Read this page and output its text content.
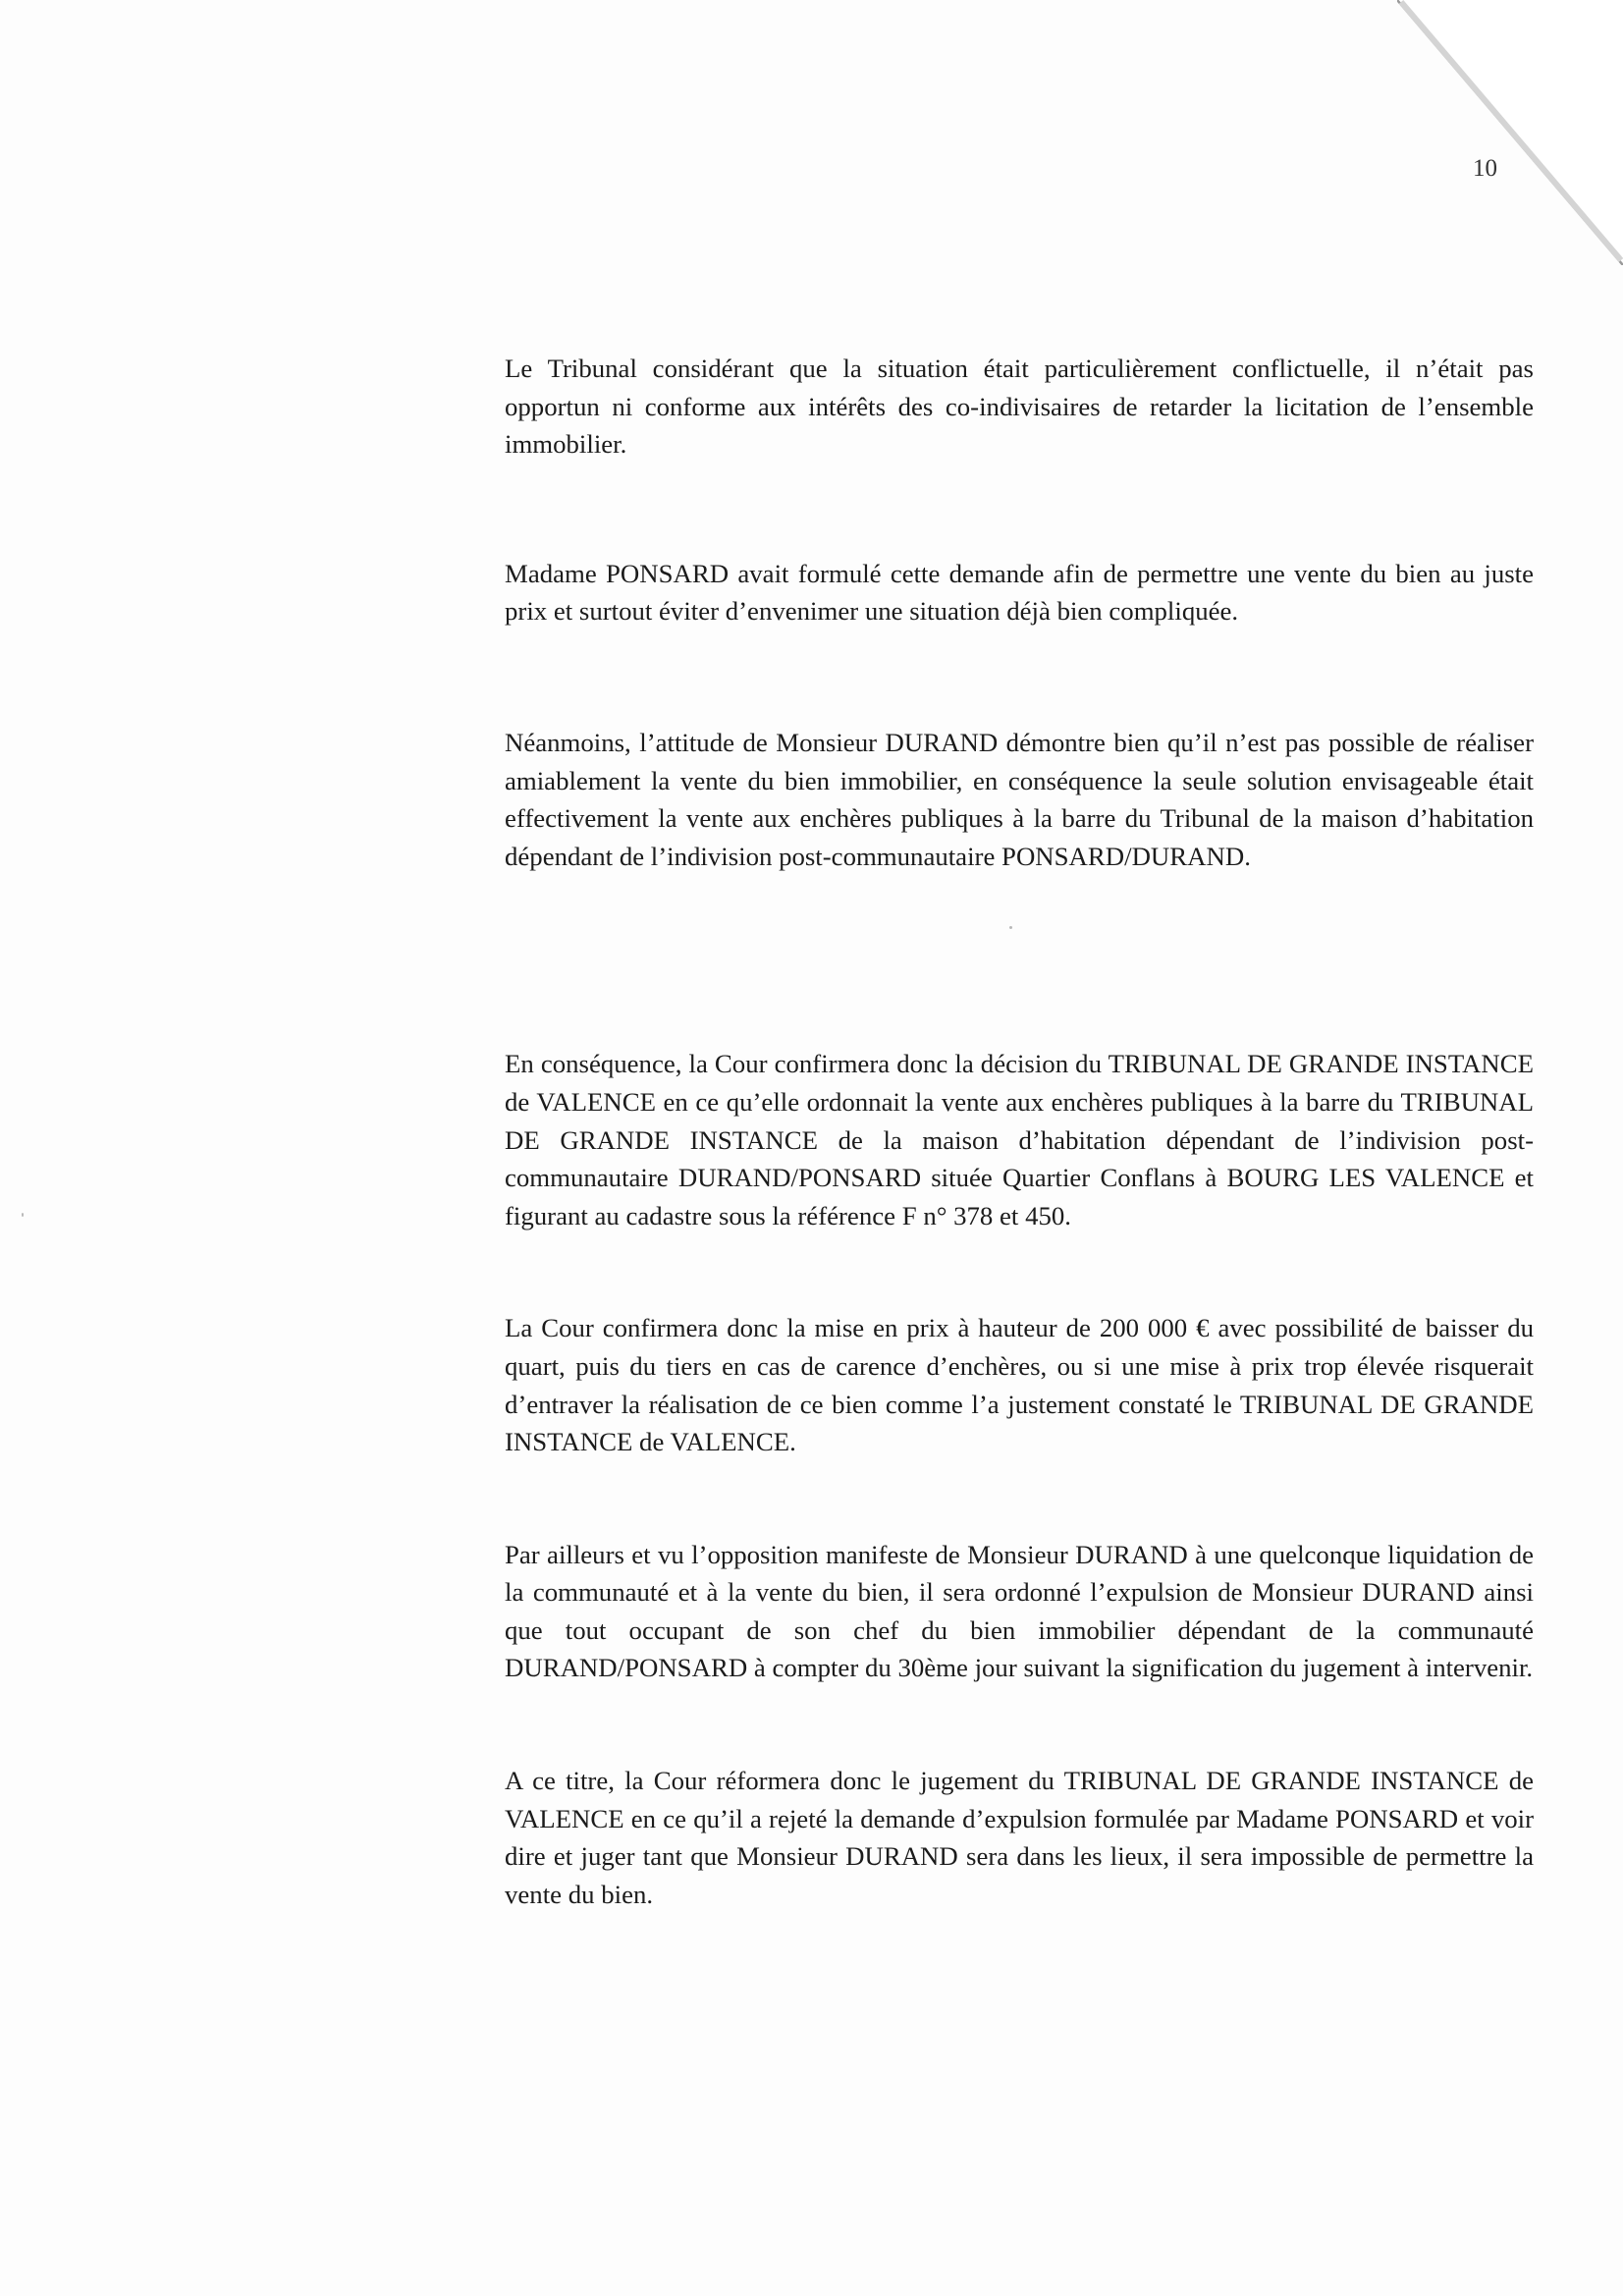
10

Le Tribunal considérant que la situation était particulièrement conflictuelle, il n’était pas opportun ni conforme aux intérêts des co-indivisaires de retarder la licitation de l’ensemble immobilier.

Madame PONSARD avait formulé cette demande afin de permettre une vente du bien au juste prix et surtout éviter d’envenimer une situation déjà bien compliquée.

Néanmoins, l’attitude de Monsieur DURAND démontre bien qu’il n’est pas possible de réaliser amiablement la vente du bien immobilier, en conséquence la seule solution envisageable était effectivement la vente aux enchères publiques à la barre du Tribunal de la maison d’habitation dépendant de l’indivision post-communautaire PONSARD/DURAND.

En conséquence, la Cour confirmera donc la décision du TRIBUNAL DE GRANDE INSTANCE de VALENCE en ce qu’elle ordonnait la vente aux enchères publiques à la barre du TRIBUNAL DE GRANDE INSTANCE de la maison d’habitation dépendant de l’indivision post-communautaire DURAND/PONSARD située Quartier Conflans à BOURG LES VALENCE et figurant au cadastre sous la référence F n° 378 et 450.

La Cour confirmera donc la mise en prix à hauteur de 200 000 € avec possibilité de baisser du quart, puis du tiers en cas de carence d’enchères, ou si une mise à prix trop élevée risquerait d’entraver la réalisation de ce bien comme l’a justement constaté le TRIBUNAL DE GRANDE INSTANCE de VALENCE.

Par ailleurs et vu l’opposition manifeste de Monsieur DURAND à une quelconque liquidation de la communauté et à la vente du bien, il sera ordonné l’expulsion de Monsieur DURAND ainsi que tout occupant de son chef du bien immobilier dépendant de la communauté DURAND/PONSARD à compter du 30ème jour suivant la signification du jugement à intervenir.

A ce titre, la Cour réformera donc le jugement du TRIBUNAL DE GRANDE INSTANCE de VALENCE en ce qu’il a rejeté la demande d’expulsion formulée par Madame PONSARD et voir dire et juger tant que Monsieur DURAND sera dans les lieux, il sera impossible de permettre la vente du bien.
